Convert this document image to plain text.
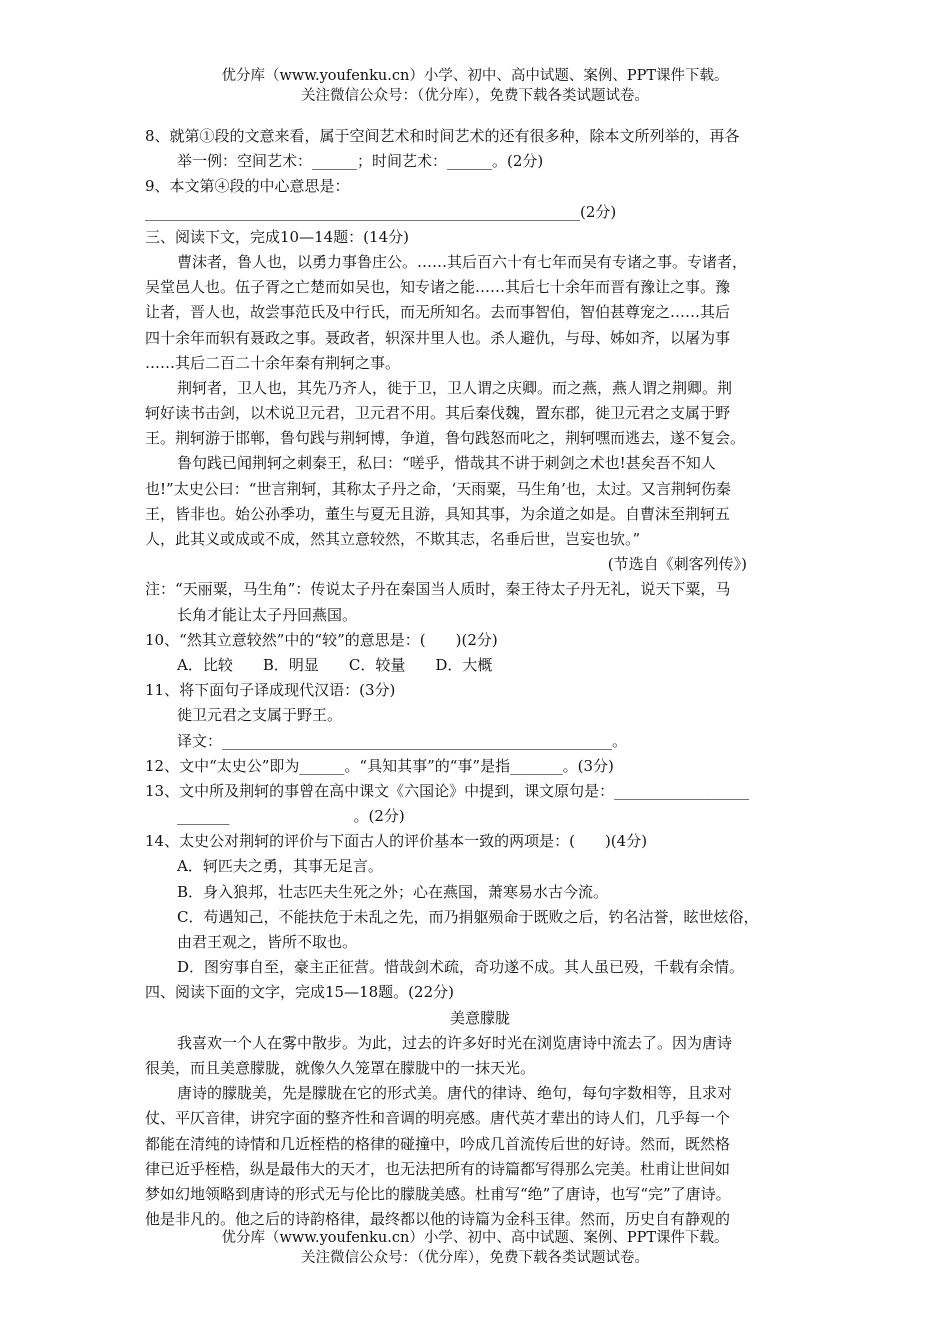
优分库（www.youfenku.cn）小学、初中、高中试题、案例、PPT课件下载。
关注微信公众号：（优分库），免费下载各类试题试卷。
8、就第①段的文意来看，属于空间艺术和时间艺术的还有很多种，除本文所列举的，再各
举一例：空间艺术：______；时间艺术：______。(2分)
9、本文第④段的中心意思是：
__________________________________________________________(2分)
三、阅读下文，完成10—14题：(14分)
曹沫者，鲁人也，以勇力事鲁庄公。……其后百六十有七年而吴有专诸之事。专诸者，
吴堂邑人也。伍子胥之亡楚而如吴也，知专诸之能……其后七十余年而晋有豫让之事。豫
让者，晋人也，故尝事范氏及中行氏，而无所知名。去而事智伯，智伯甚尊宠之……其后
四十余年而轵有聂政之事。聂政者，轵深井里人也。杀人避仇，与母、姊如齐，以屠为事
……其后二百二十余年秦有荆轲之事。
荆轲者，卫人也，其先乃齐人，徙于卫，卫人谓之庆卿。而之燕，燕人谓之荆卿。荆
轲好读书击剑，以术说卫元君，卫元君不用。其后秦伐魏，置东郡，徙卫元君之支属于野
王。荆轲游于邯郸，鲁句践与荆轲博，争道，鲁句践怒而叱之，荆轲嘿而逃去，遂不复会。
鲁句践已闻荆轲之刺秦王，私曰：“嗟乎，惜哉其不讲于刺剑之术也!甚矣吾不知人
也!”太史公曰：“世言荆轲，其称太子丹之命，‘天雨粟，马生角’也，太过。又言荆轲伤秦
王，皆非也。始公孙季功，董生与夏无且游，具知其事，为余道之如是。自曹沫至荆轲五
人，此其义或成或不成，然其立意较然，不欺其志，名垂后世，岂妄也欤。”
(节选自《刺客列传》)
注：“天丽粟，马生角”：传说太子丹在秦国当人质时，秦王待太子丹无礼，说天下粟，马
长角才能让太子丹回燕国。
10、“然其立意较然”中的“较”的意思是：(　　)(2分)
A．比较　　B．明显　　C．较量　　D．大概
11、将下面句子译成现代汉语：(3分)
徙卫元君之支属于野王。
译文：____________________________________________________。
12、文中“太史公”即为______。“具知其事”的“事”是指_______。(3分)
13、文中所及荆轲的事曾在高中课文《六国论》中提到，课文原句是：__________________
_______                          。(2分)
14、太史公对荆轲的评价与下面古人的评价基本一致的两项是：(　　)(4分)
A．轲匹夫之勇，其事无足言。
B．身入狼邦，壮志匹夫生死之外；心在燕国，萧寒易水古今流。
C．苟遇知己，不能扶危于未乱之先，而乃捐躯殒命于既败之后，钓名沽誉，眩世炫俗，
由君王观之，皆所不取也。
D．图穷事自至，豪主正征营。惜哉剑术疏，奇功遂不成。其人虽已殁，千载有余情。
四、阅读下面的文字，完成15—18题。(22分)
美意朦胧
我喜欢一个人在雾中散步。为此，过去的许多好时光在浏览唐诗中流去了。因为唐诗
很美，而且美意朦胧，就像久久笼罩在朦胧中的一抹天光。
唐诗的朦胧美，先是朦胧在它的形式美。唐代的律诗、绝句，每句字数相等，且求对
仗、平仄音律，讲究字面的整齐性和音调的明亮感。唐代英才辈出的诗人们，几乎每一个
都能在清纯的诗情和几近桎梏的格律的碰撞中，吟成几首流传后世的好诗。然而，既然格
律已近乎桎梏，纵是最伟大的天才，也无法把所有的诗篇都写得那么完美。杜甫让世间如
梦如幻地领略到唐诗的形式无与伦比的朦胧美感。杜甫写“绝”了唐诗，也写“完”了唐诗。
他是非凡的。他之后的诗韵格律，最终都以他的诗篇为金科玉律。然而，历史自有静观的
优分库（www.youfenku.cn）小学、初中、高中试题、案例、PPT课件下载。
关注微信公众号：（优分库），免费下载各类试题试卷。
